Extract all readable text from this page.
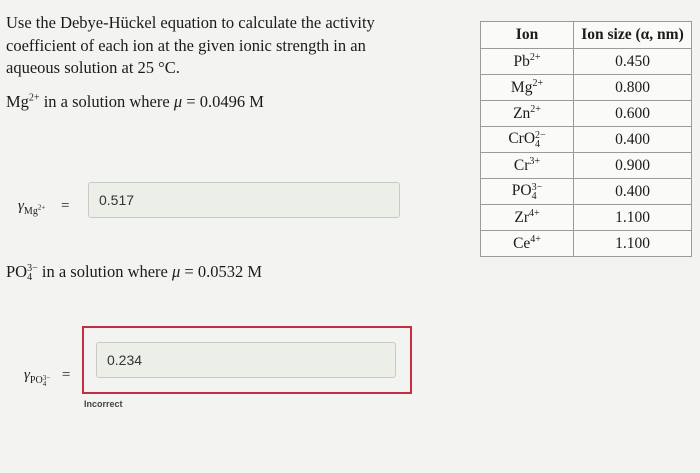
Use the Debye-Hückel equation to calculate the activity coefficient of each ion at the given ionic strength in an aqueous solution at 25 °C.
$Mg^{2+}$ in a solution where μ = 0.0496 M
$\gamma_{Mg^{2+}}$ =	0.517
PO 3−
4 in a solution where μ = 0.0532 M
$\gamma_{PO 3- 4}$
=
0.234
Incorrect
Ion	Ion size (α, nm)
$Pb^{2+}$	0.450
$Mg^{2+}$	0.800
$Zn^{2+}$	0.600
CrO 2−
4	0.400
$Cr^{3+}$	0.900
PO 3−
4	0.400
$Zr^{4+}$	1.100
$Ce^{4+}$	1.100
